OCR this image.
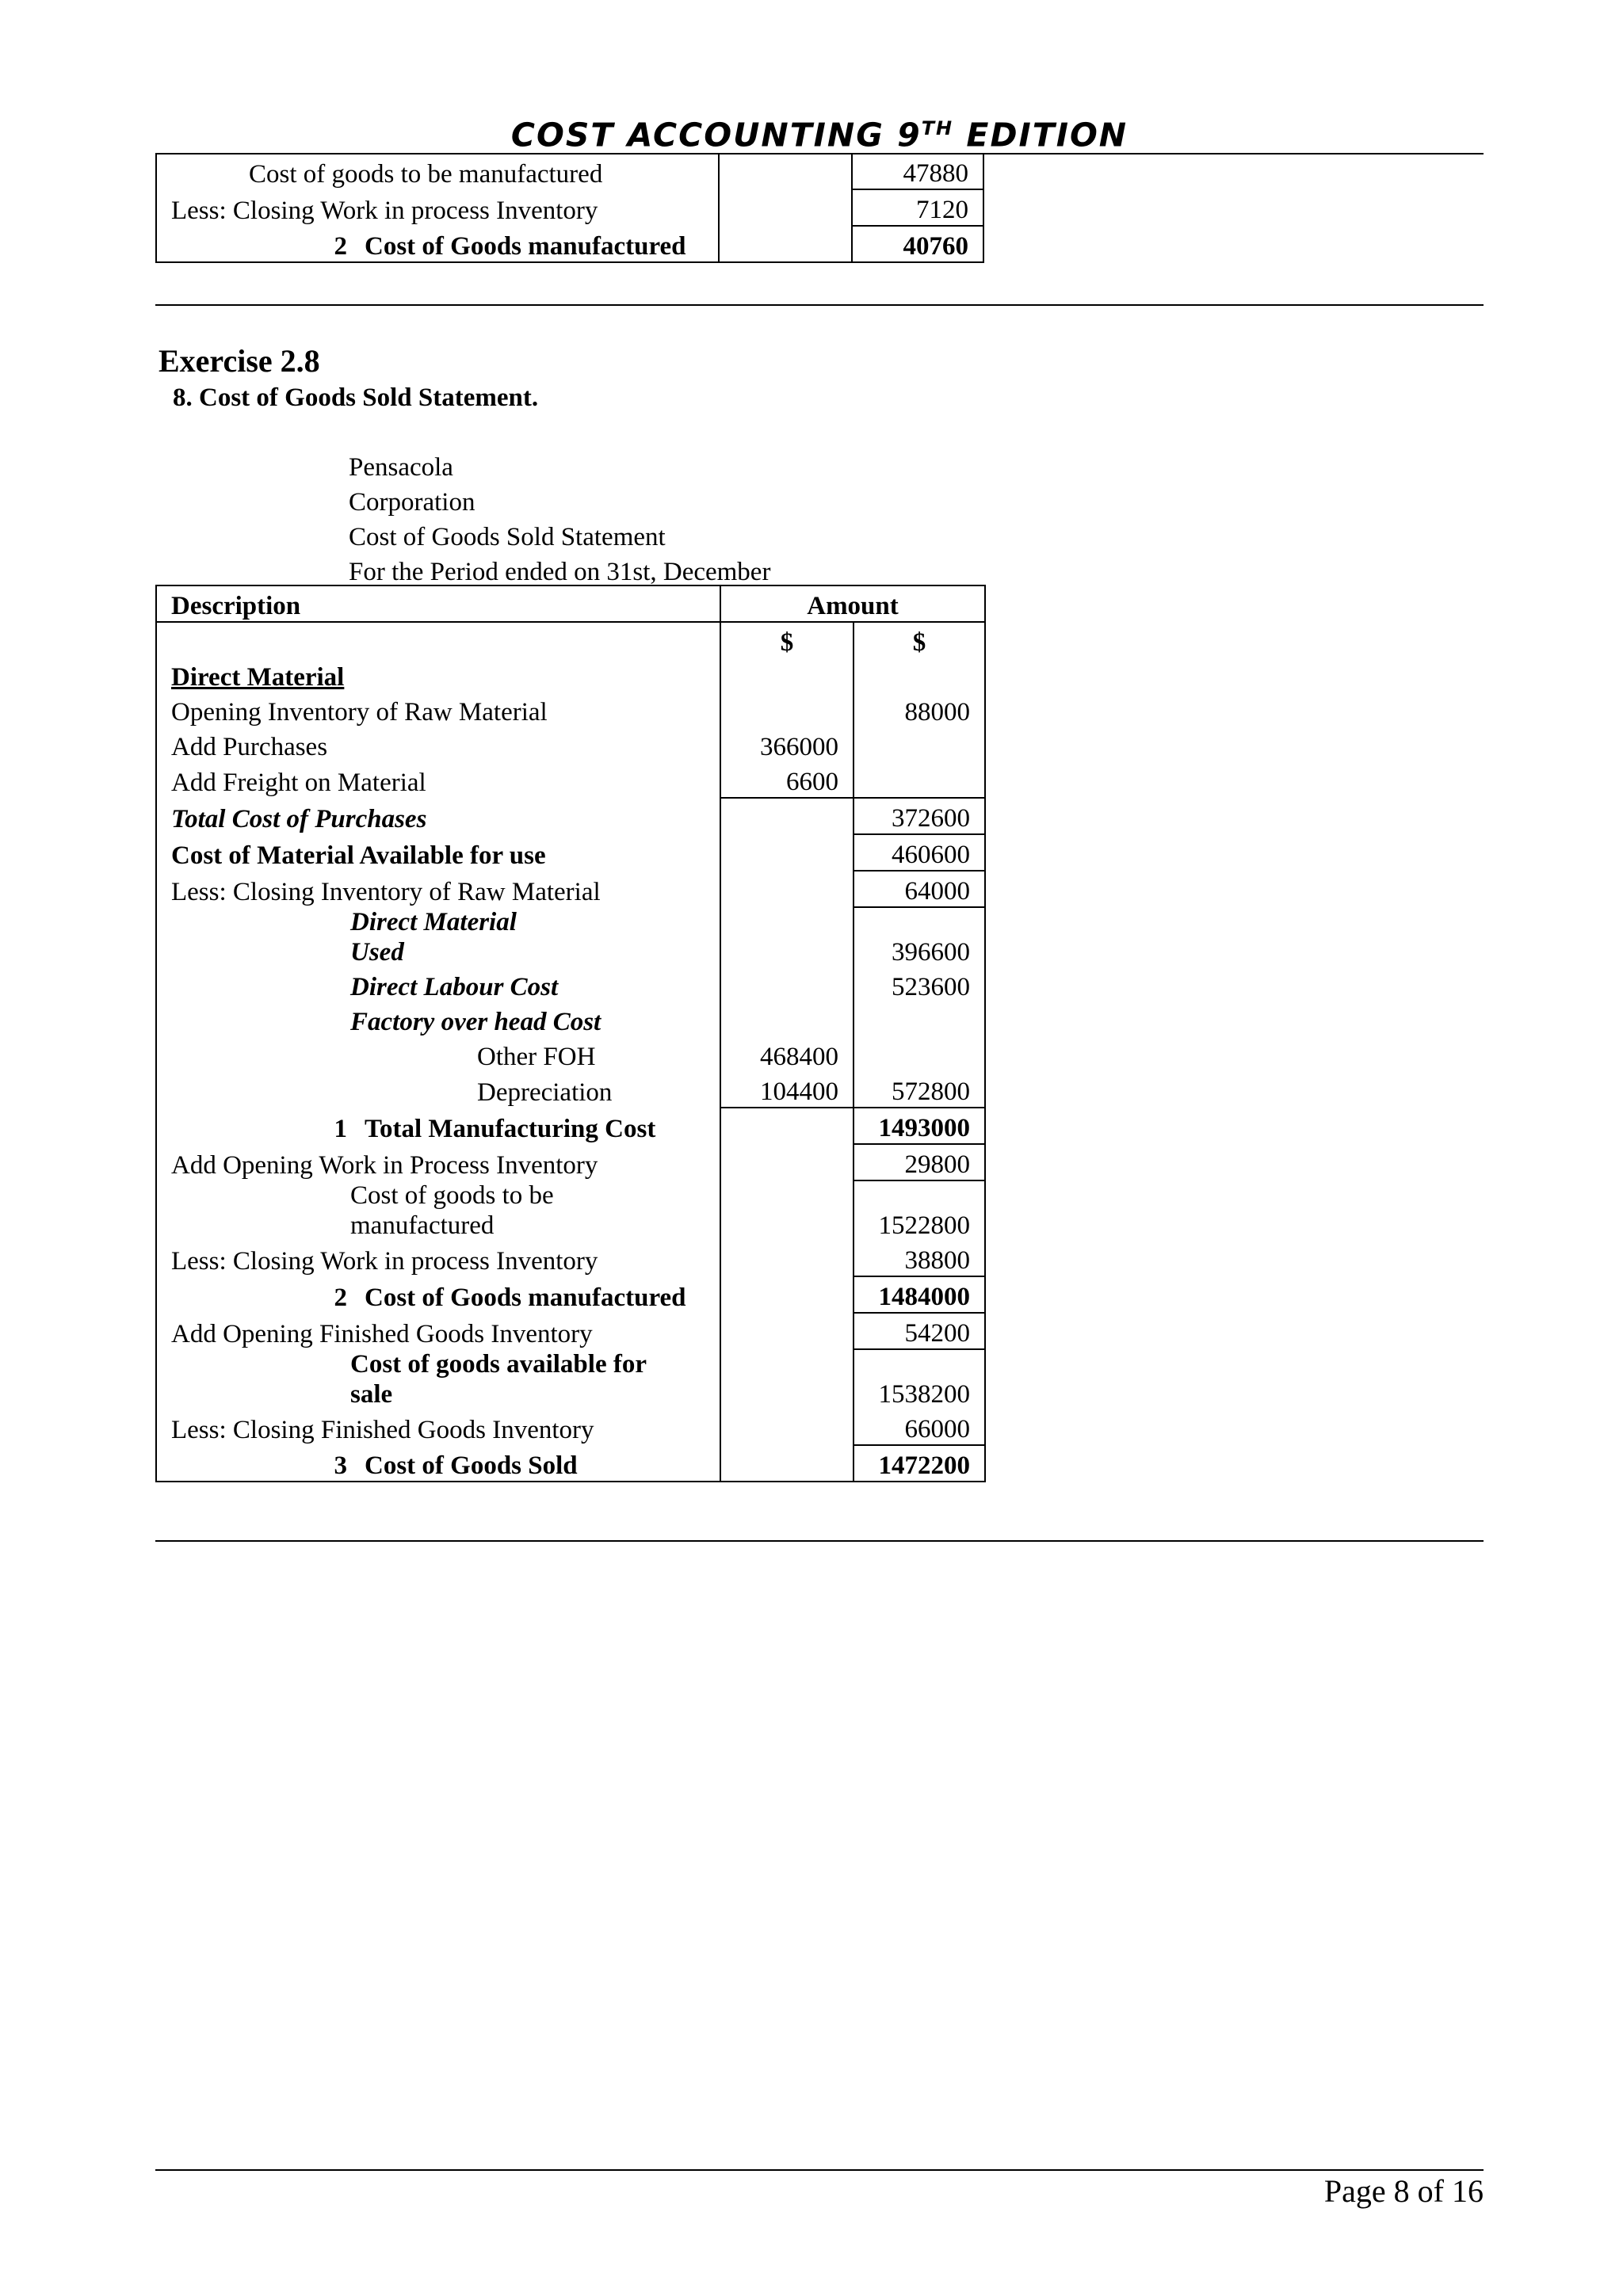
COST ACCOUNTING 9TH EDITION
Cost of goods to be manufactured		47880
Less: Closing Work in process Inventory		7120
2 Cost of Goods manufactured		40760
Exercise 2.8
8. Cost of Goods Sold Statement.
Pensacola
Corporation
Cost of Goods Sold Statement
For the Period ended on 31st, December
Description	Amount	
	$	$
Direct Material		
Opening Inventory of Raw Material		88000
Add Purchases	366000	
Add Freight on Material	6600	
Total Cost of Purchases		372600
Cost of Material Available for use		460600
Less: Closing Inventory of Raw Material		64000

Direct Material
Used		396600
Direct Labour Cost		523600
Factory over head Cost		
Other FOH	468400	
Depreciation	104400	572800
1 Total Manufacturing Cost		1493000
Add Opening Work in Process Inventory		29800

Cost of goods to be
manufactured		1522800
Less: Closing Work in process Inventory		38800
2 Cost of Goods manufactured		1484000
Add Opening Finished Goods Inventory		54200

Cost of goods available for
sale		1538200
Less: Closing Finished Goods Inventory		66000
3 Cost of Goods Sold		1472200
Page 8 of 16
